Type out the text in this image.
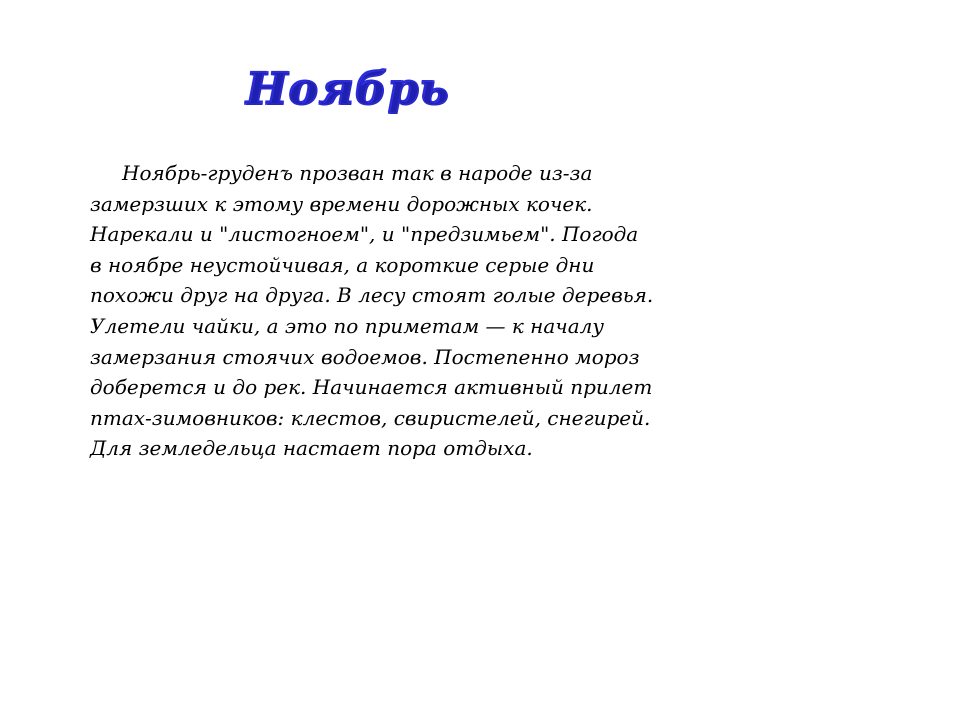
Ноябрь

Ноябрь-груденъ прозван так в народе из-за
замерзших к этому времени дорожных кочек.
Нарекали и "листогноем", и "предзимьем". Погода
в ноябре неустойчивая, а короткие серые дни
похожи друг на друга. В лесу стоят голые деревья.
Улетели чайки, а это по приметам — к началу
замерзания стоячих водоемов. Постепенно мороз
доберется и до рек. Начинается активный прилет
птах-зимовников: клестов, свиристелей, снегирей.
Для земледельца настает пора отдыха.
